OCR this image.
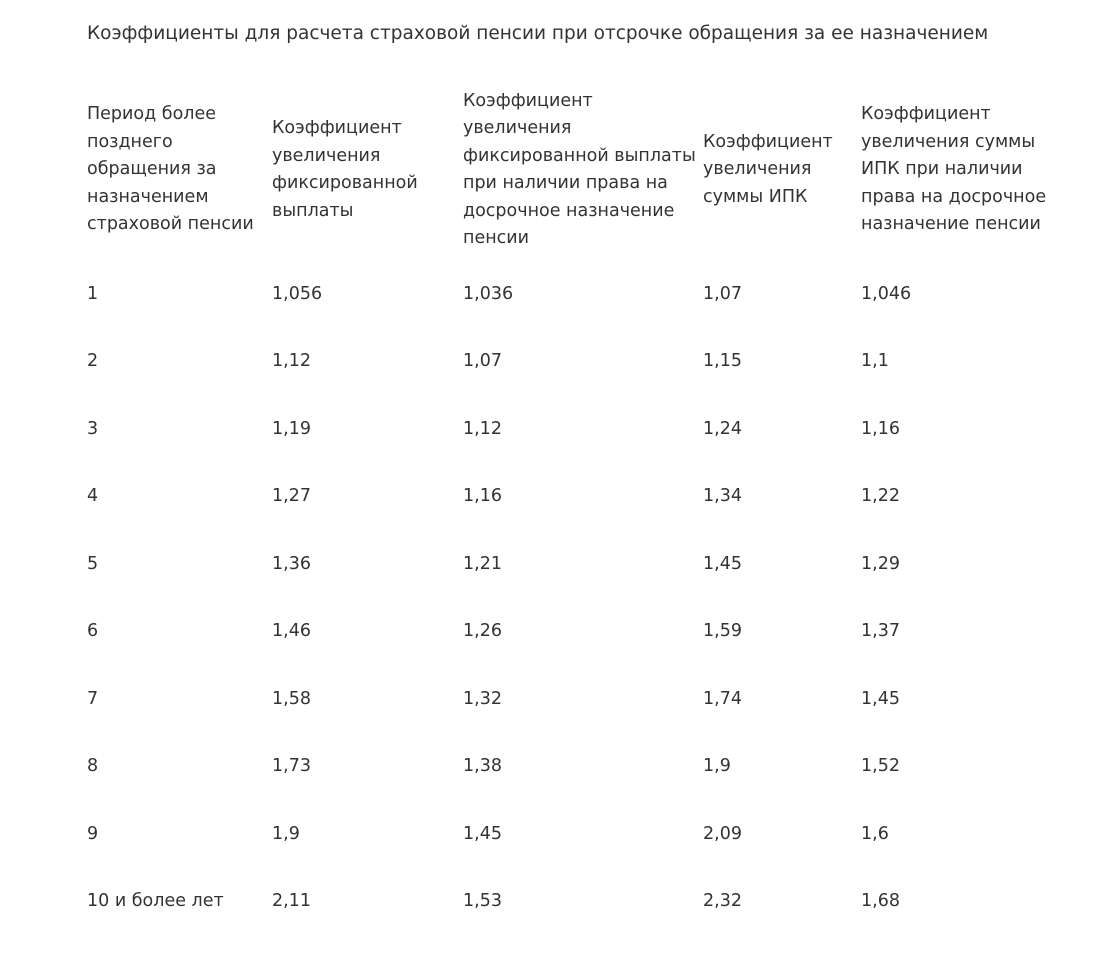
Коэффициенты для расчета страховой пенсии при отсрочке обращения за ее назначением
Период более позднего обращения за назначением страховой пенсии	Коэффициент увеличения фиксированной выплаты	Коэффициент увеличения фиксированной выплаты при наличии права на досрочное назначение пенсии	Коэффициент увеличения суммы ИПК	Коэффициент увеличения суммы ИПК при наличии права на досрочное назначение пенсии
1	1,056	1,036	1,07	1,046
2	1,12	1,07	1,15	1,1
3	1,19	1,12	1,24	1,16
4	1,27	1,16	1,34	1,22
5	1,36	1,21	1,45	1,29
6	1,46	1,26	1,59	1,37
7	1,58	1,32	1,74	1,45
8	1,73	1,38	1,9	1,52
9	1,9	1,45	2,09	1,6
10 и более лет	2,11	1,53	2,32	1,68
